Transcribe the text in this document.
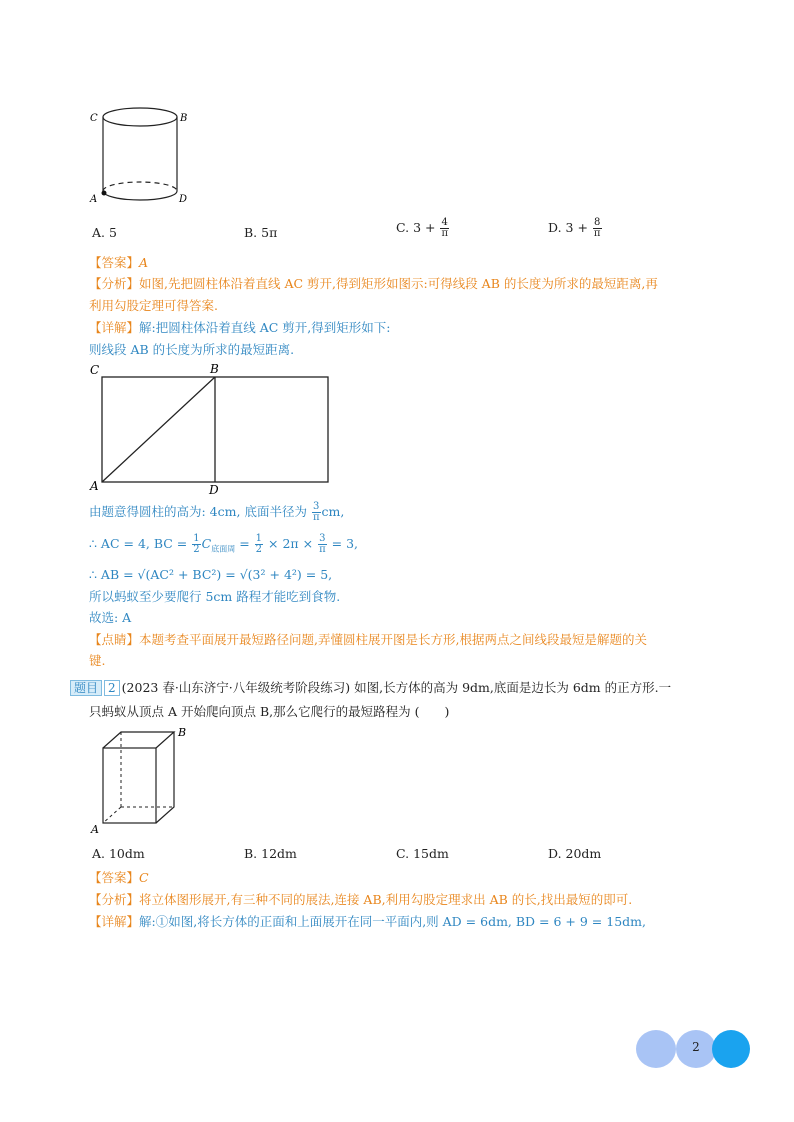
C	B
A	D
A. 5	B. 5π	C. $3 + \frac{4}{\pi}$	D. $3 + \frac{8}{\pi}$
【答案】A
【分析】如图,先把圆柱体沿着直线 AC 剪开,得到矩形如图示:可得线段 AB 的长度为所求的最短距离,再
利用勾股定理可得答案.
【详解】解:把圆柱体沿着直线 AC 剪开,得到矩形如下:
则线段 AB 的长度为所求的最短距离.
C	B
A	D
由题意得圆柱的高为: 4cm, 底面半径为 $\frac{3}{\pi}$ cm,
∴ AC = 4, BC = $\frac{1}{2} C_{底面周} = \frac{1}{2} \times 2\pi \times \frac{3}{\pi} = 3$,
∴ AB = √(AC² + BC²) = √(3² + 4²) = 5,
所以蚂蚁至少要爬行 5cm 路程才能吃到食物.
故选: A
【点睛】本题考查平面展开最短路径问题,弄懂圆柱展开图是长方形,根据两点之间线段最短是解题的关
键.
题目 2 (2023 春·山东济宁·八年级统考阶段练习) 如图,长方体的高为 9dm,底面是边长为 6dm 的正方形.一
只蚂蚁从顶点 A 开始爬向顶点 B,那么它爬行的最短路程为 (　　)
B
A
A. 10dm	B. 12dm	C. 15dm	D. 20dm
【答案】C
【分析】将立体图形展开,有三种不同的展法,连接 AB,利用勾股定理求出 AB 的长,找出最短的即可.
【详解】解:①如图,将长方体的正面和上面展开在同一平面内,则 AD = 6dm, BD = 6 + 9 = 15dm,
2
